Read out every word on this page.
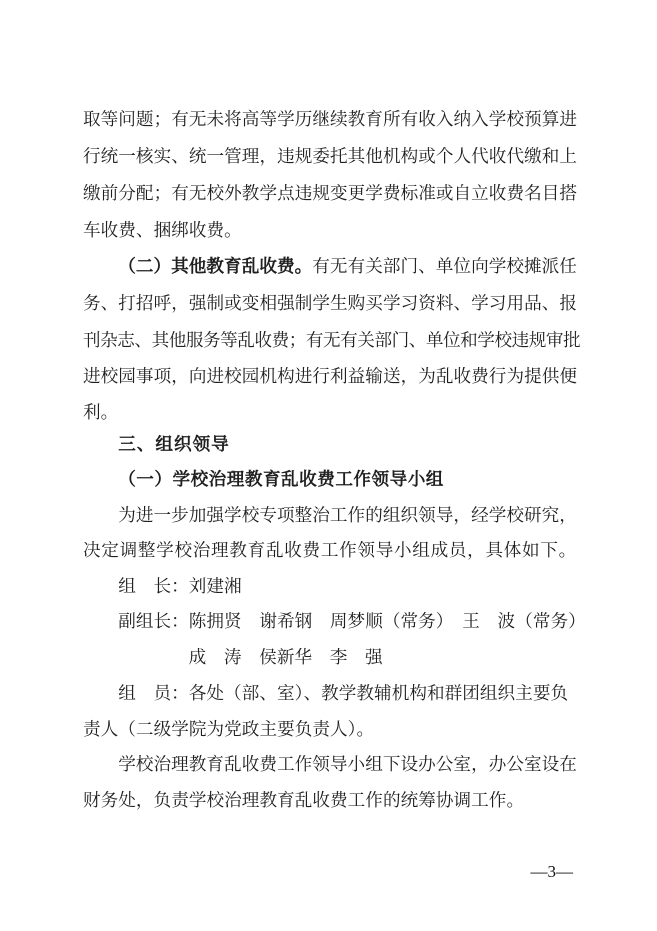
取等问题；有无未将高等学历继续教育所有收入纳入学校预算进
行统一核实、统一管理，违规委托其他机构或个人代收代缴和上
缴前分配；有无校外教学点违规变更学费标准或自立收费名目搭
车收费、捆绑收费。
（二）其他教育乱收费。有无有关部门、单位向学校摊派任
务、打招呼，强制或变相强制学生购买学习资料、学习用品、报
刊杂志、其他服务等乱收费；有无有关部门、单位和学校违规审批
进校园事项，向进校园机构进行利益输送，为乱收费行为提供便
利。
三、组织领导
（一）学校治理教育乱收费工作领导小组
为进一步加强学校专项整治工作的组织领导，经学校研究，
决定调整学校治理教育乱收费工作领导小组成员，具体如下。
组　长：刘建湘
副组长：陈拥贤　谢希钢　周梦顺（常务）　王　波（常务）
成　涛　侯新华　李　强
组　员：各处（部、室）、教学教辅机构和群团组织主要负
责人（二级学院为党政主要负责人）。
学校治理教育乱收费工作领导小组下设办公室，办公室设在
财务处，负责学校治理教育乱收费工作的统筹协调工作。
—3—
